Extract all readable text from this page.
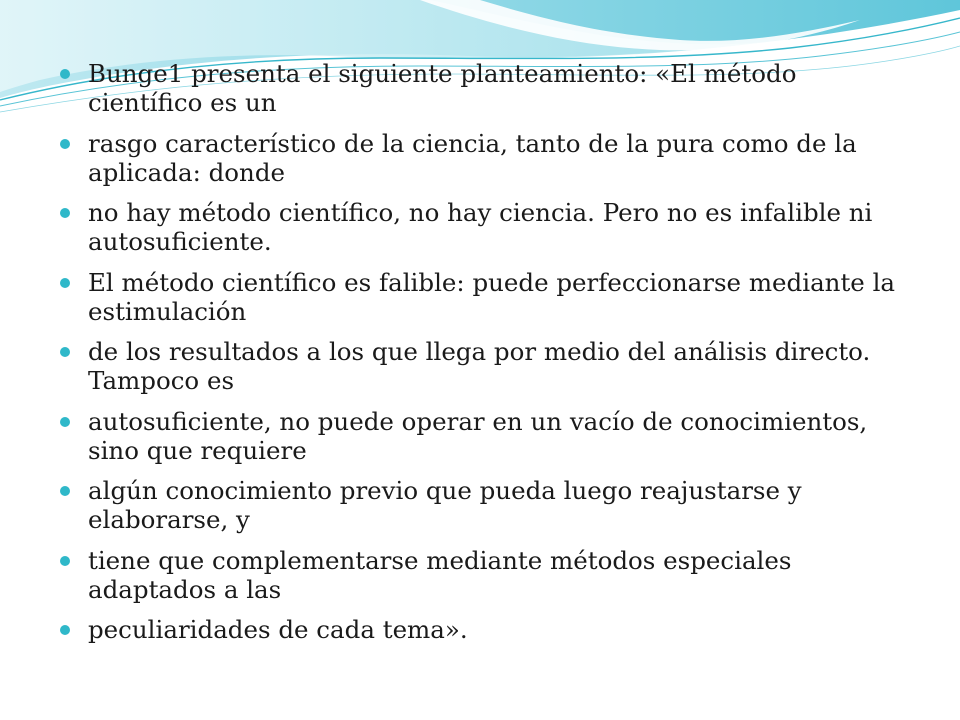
Bunge1 presenta el siguiente planteamiento: «El método científico es un
rasgo característico de la ciencia, tanto de la pura como de la aplicada: donde
no hay método científico, no hay ciencia. Pero no es infalible ni autosuficiente.
El método científico es falible: puede perfeccionarse mediante la estimulación
de los resultados a los que llega por medio del análisis directo. Tampoco es
autosuficiente, no puede operar en un vacío de conocimientos, sino que requiere
algún conocimiento previo que pueda luego reajustarse y elaborarse, y
tiene que complementarse mediante métodos especiales adaptados a las
peculiaridades de cada tema».
